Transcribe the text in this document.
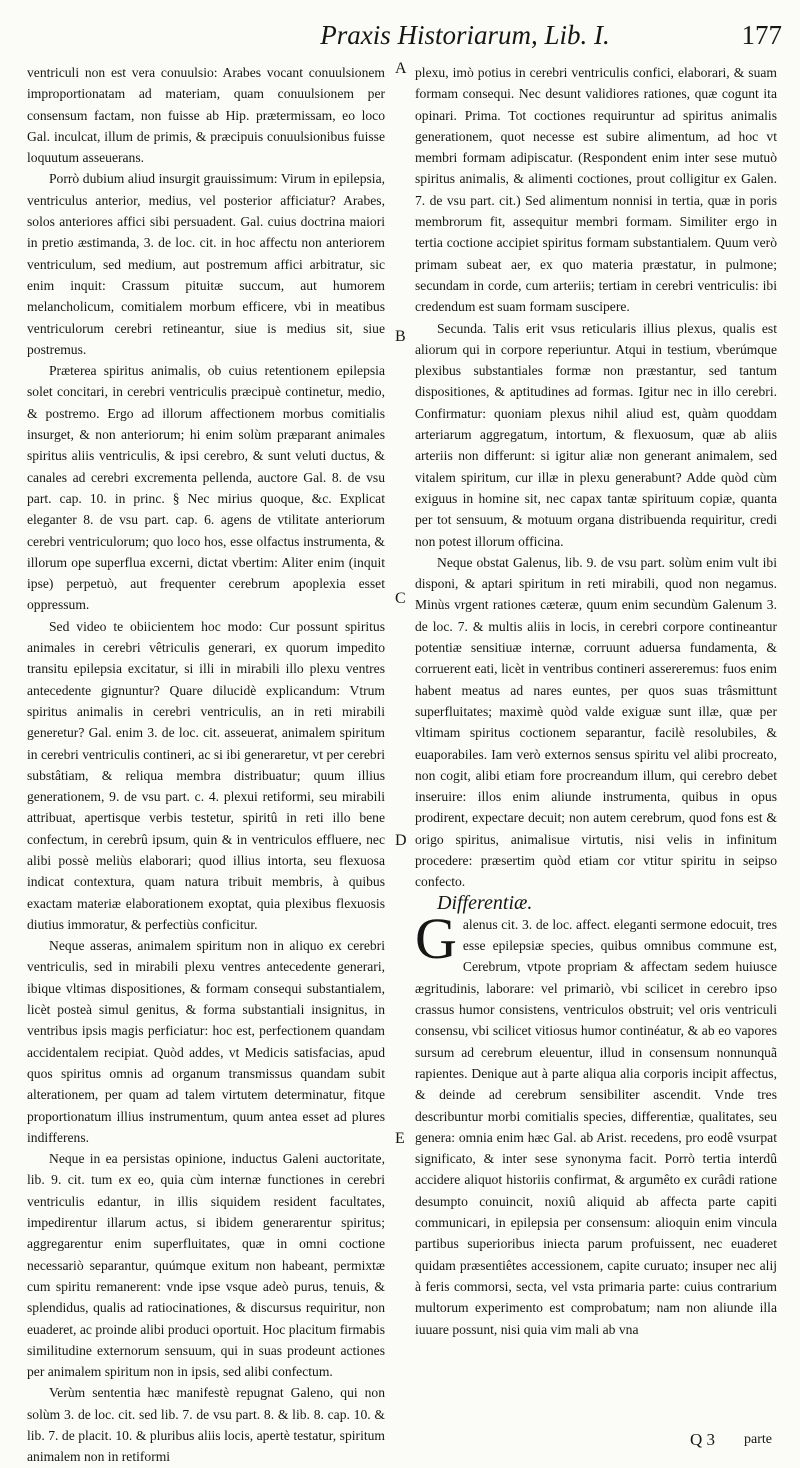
Praxis Historiarum, Lib. I.	177

ventriculi non est vera conuulsio: Arabes vocant conuulsionem improportionatam ad materiam, quam conuulsionem per consensum factam, non fuisse ab Hip. prætermissam, eo loco Gal. inculcat, illum de primis, & præcipuis conuulsionibus fuisse loquutum asseuerans.

Porrò dubium aliud insurgit grauissimum: Virum in epilepsia, ventriculus anterior, medius, vel posterior afficiatur? Arabes, solos anteriores affici sibi persuadent. Gal. cuius doctrina maiori in pretio æstimanda, 3. de loc. cit. in hoc affectu non anteriorem ventriculum, sed medium, aut postremum affici arbitratur, sic enim inquit: Crassum pituitæ succum, aut humorem melancholicum, comitialem morbum efficere, vbi in meatibus ventriculorum cerebri retineantur, siue is medius sit, siue postremus.

Præterea spiritus animalis, ob cuius retentionem epilepsia solet concitari, in cerebri ventriculis præcipuè continetur, medio, & postremo. Ergo ad illorum affectionem morbus comitialis insurget, & non anteriorum; hi enim solùm præparant animales spiritus aliis ventriculis, & ipsi cerebro, & sunt veluti ductus, & canales ad cerebri excrementa pellenda, auctore Gal. 8. de vsu part. cap. 10. in princ. § Nec mirius quoque, &c. Explicat eleganter 8. de vsu part. cap. 6. agens de vtilitate anteriorum cerebri ventriculorum; quo loco hos, esse olfactus instrumenta, & illorum ope superflua excerni, dictat vbertim: Aliter enim (inquit ipse) perpetuò, aut frequenter cerebrum apoplexia esset oppressum.

Sed video te obiicientem hoc modo: Cur possunt spiritus animales in cerebri vêtriculis generari, ex quorum impedito transitu epilepsia excitatur, si illi in mirabili illo plexu ventres antecedente gignuntur? Quare dilucidè explicandum: Vtrum spiritus animalis in cerebri ventriculis, an in reti mirabili generetur? Gal. enim 3. de loc. cit. asseuerat, animalem spiritum in cerebri ventriculis contineri, ac si ibi generaretur, vt per cerebri substâtiam, & reliqua membra distribuatur; quum illius generationem, 9. de vsu part. c. 4. plexui retiformi, seu mirabili attribuat, apertisque verbis testetur, spiritû in reti illo bene confectum, in cerebrû ipsum, quin & in ventriculos effluere, nec alibi possè meliùs elaborari; quod illius intorta, seu flexuosa indicat contextura, quam natura tribuit membris, à quibus exactam materiæ elaborationem exoptat, quia plexibus flexuosis diutius immoratur, & perfectiùs conficitur.

Neque asseras, animalem spiritum non in aliquo ex cerebri ventriculis, sed in mirabili plexu ventres antecedente generari, ibique vltimas dispositiones, & formam consequi substantialem, licèt posteà simul genitus, & forma substantiali insignitus, in ventribus ipsis magis perficiatur: hoc est, perfectionem quandam accidentalem recipiat. Quòd addes, vt Medicis satisfacias, apud quos spiritus omnis ad organum transmissus quandam subit alterationem, per quam ad talem virtutem determinatur, fitque proportionatum illius instrumentum, quum antea esset ad plures indifferens.

Neque in ea persistas opinione, inductus Galeni auctoritate, lib. 9. cit. tum ex eo, quia cùm internæ functiones in cerebri ventriculis edantur, in illis siquidem resident facultates, impedirentur illarum actus, si ibidem generarentur spiritus; aggregarentur enim superfluitates, quæ in omni coctione necessariò separantur, quúmque exitum non habeant, permixtæ cum spiritu remanerent: vnde ipse vsque adeò purus, tenuis, & splendidus, qualis ad ratiocinationes, & discursus requiritur, non euaderet, ac proinde alibi produci oportuit. Hoc placitum firmabis similitudine externorum sensuum, qui in suas prodeunt actiones per animalem spiritum non in ipsis, sed alibi confectum.

Verùm sententia hæc manifestè repugnat Galeno, qui non solùm 3. de loc. cit. sed lib. 7. de vsu part. 8. & lib. 8. cap. 10. & lib. 7. de placit. 10. & pluribus aliis locis, apertè testatur, spiritum animalem non in retiformi

A
B
C
D
E

plexu, imò potius in cerebri ventriculis confici, elaborari, & suam formam consequi. Nec desunt validiores rationes, quæ cogunt ita opinari. Prima. Tot coctiones requiruntur ad spiritus animalis generationem, quot necesse est subire alimentum, ad hoc vt membri formam adipiscatur. (Respondent enim inter sese mutuò spiritus animalis, & alimenti coctiones, prout colligitur ex Galen. 7. de vsu part. cit.) Sed alimentum nonnisi in tertia, quæ in poris membrorum fit, assequitur membri formam. Similiter ergo in tertia coctione accipiet spiritus formam substantialem. Quum verò primam subeat aer, ex quo materia præstatur, in pulmone; secundam in corde, cum arteriis; tertiam in cerebri ventriculis: ibi credendum est suam formam suscipere.

Secunda. Talis erit vsus reticularis illius plexus, qualis est aliorum qui in corpore reperiuntur. Atqui in testium, vberúmque plexibus substantiales formæ non præstantur, sed tantum dispositiones, & aptitudines ad formas. Igitur nec in illo cerebri. Confirmatur: quoniam plexus nihil aliud est, quàm quoddam arteriarum aggregatum, intortum, & flexuosum, quæ ab aliis arteriis non differunt: si igitur aliæ non generant animalem, sed vitalem spiritum, cur illæ in plexu generabunt? Adde quòd cùm exiguus in homine sit, nec capax tantæ spirituum copiæ, quanta per tot sensuum, & motuum organa distribuenda requiritur, credi non potest illorum officina.

Neque obstat Galenus, lib. 9. de vsu part. solùm enim vult ibi disponi, & aptari spiritum in reti mirabili, quod non negamus. Minùs vrgent rationes cæteræ, quum enim secundùm Galenum 3. de loc. 7. & multis aliis in locis, in cerebri corpore contineantur potentiæ sensitiuæ internæ, corruunt aduersa fundamenta, & corruerent eati, licèt in ventribus contineri assereremus: fuos enim habent meatus ad nares euntes, per quos suas trâsmittunt superfluitates; maximè quòd valde exiguæ sunt illæ, quæ per vltimam spiritus coctionem separantur, facilè resolubiles, & euaporabiles. Iam verò externos sensus spiritu vel alibi procreato, non cogit, alibi etiam fore procreandum illum, qui cerebro debet inseruire: illos enim aliunde instrumenta, quibus in opus prodirent, expectare decuit; non autem cerebrum, quod fons est & origo spiritus, animalisue virtutis, nisi velis in infinitum procedere: præsertim quòd etiam cor vtitur spiritu in seipso confecto.

Differentiæ.

Galenus cit. 3. de loc. affect. eleganti sermone edocuit, tres esse epilepsiæ species, quibus omnibus commune est, Cerebrum, vtpote propriam & affectam sedem huiusce ægritudinis, laborare: vel primariò, vbi scilicet in cerebro ipso crassus humor consistens, ventriculos obstruit; vel oris ventriculi consensu, vbi scilicet vitiosus humor continéatur, & ab eo vapores sursum ad cerebrum eleuentur, illud in consensum nonnunquã rapientes. Denique aut à parte aliqua alia corporis incipit affectus, & deinde ad cerebrum sensibiliter ascendit. Vnde tres describuntur morbi comitialis species, differentiæ, qualitates, seu genera: omnia enim hæc Gal. ab Arist. recedens, pro eodê vsurpat significato, & inter sese synonyma facit. Porrò tertia interdû accidere aliquot historiis confirmat, & argumêto ex curâdi ratione desumpto conuincit, noxiû aliquid ab affecta parte capiti communicari, in epilepsia per consensum: alioquin enim vincula partibus superioribus iniecta parum profuissent, nec euaderet quidam præsentiêtes accessionem, capite curuato; insuper nec alij à feris commorsi, secta, vel vsta primaria parte: cuius contrarium multorum experimento est comprobatum; nam non aliunde illa iuuare possunt, nisi quia vim mali ab vna

Q 3 parte
